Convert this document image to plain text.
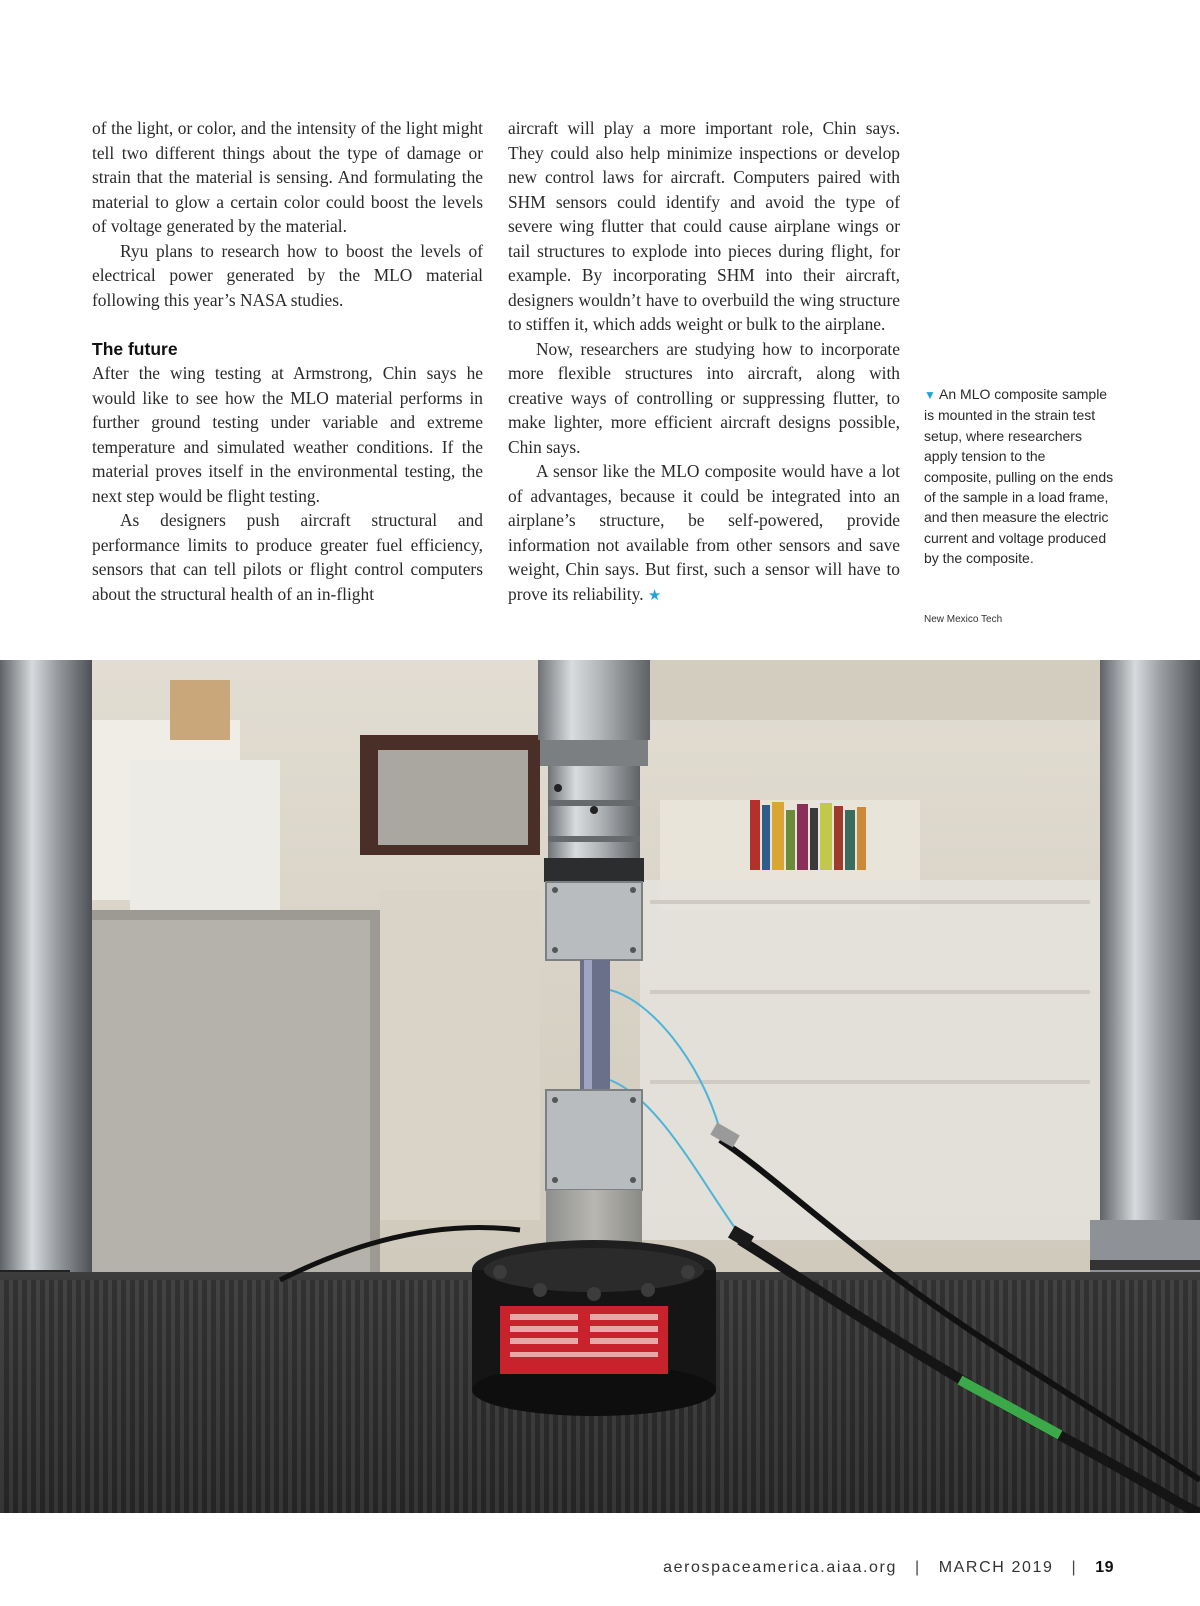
of the light, or color, and the intensity of the light might tell two different things about the type of damage or strain that the material is sensing. And formulating the material to glow a certain color could boost the levels of voltage generated by the material.

Ryu plans to research how to boost the levels of electrical power generated by the MLO material following this year’s NASA studies.

The future

After the wing testing at Armstrong, Chin says he would like to see how the MLO material performs in further ground testing under variable and extreme temperature and simulated weather conditions. If the material proves itself in the environmental testing, the next step would be flight testing.

As designers push aircraft structural and performance limits to produce greater fuel efficiency, sensors that can tell pilots or flight control computers about the structural health of an in-flight

aircraft will play a more important role, Chin says. They could also help minimize inspections or develop new control laws for aircraft. Computers paired with SHM sensors could identify and avoid the type of severe wing flutter that could cause airplane wings or tail structures to explode into pieces during flight, for example. By incorporating SHM into their aircraft, designers wouldn’t have to overbuild the wing structure to stiffen it, which adds weight or bulk to the airplane.

Now, researchers are studying how to incorporate more flexible structures into aircraft, along with creative ways of controlling or suppressing flutter, to make lighter, more efficient aircraft designs possible, Chin says.

A sensor like the MLO composite would have a lot of advantages, because it could be integrated into an airplane’s structure, be self-powered, provide information not available from other sensors and save weight, Chin says. But first, such a sensor will have to prove its reliability. ★

▼ An MLO composite sample is mounted in the strain test setup, where researchers apply tension to the composite, pulling on the ends of the sample in a load frame, and then measure the electric current and voltage produced by the composite.
New Mexico Tech
aerospaceamerica.aiaa.org | MARCH 2019 | 19
